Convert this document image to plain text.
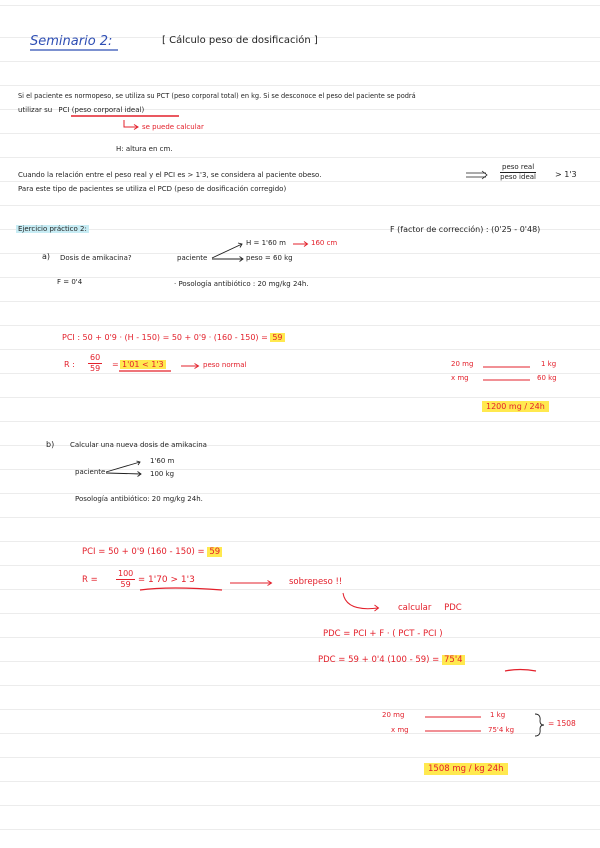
Seminario 2:	[ Cálculo peso de dosificación ]
Si el paciente es normopeso, se utiliza su PCT (peso corporal total) en kg. Si se desconoce el peso del paciente se podrá
utilizar su PCI (peso corporal ideal)
se puede calcular
H: altura en cm.
Cuando la relación entre el peso real y el PCI es > 1'3, se considera al paciente obeso.
Para este tipo de pacientes se utiliza el PCD (peso de dosificación corregido)
peso real
peso ideal > 1'3
Ejercicio práctico 2:	F (factor de corrección) : (0'25 - 0'48)
a) Dosis de amikacina?	paciente
H = 1'60 m	160 cm
peso = 60 kg
F = 0'4	· Posología antibiótico : 20 mg/kg 24h.
PCI : 50 + 0'9 · (H - 150) = 50 + 0'9 · (160 - 150) = 59
R : $\frac{60}{59} = 1'01 < 1'3$	peso normal	20 mg	1 kg
x mg	60 kg
1200 mg / 24h
b) Calcular una nueva dosis de amikacina
paciente
1'60 m
100 kg
Posología antibiótico: 20 mg/kg 24h.
PCI = 50 + 0'9 (160 - 150) = 59
$R = \frac{100}{59} = 1'70 > 1'3$	sobrepeso !!
calcular PDC
PDC = PCI + F · ( PCT - PCI )
PDC = 59 + 0'4 (100 - 59) = 75'4
20 mg	1 kg
x mg	75'4 kg
= 1508
1508 mg / kg 24h
